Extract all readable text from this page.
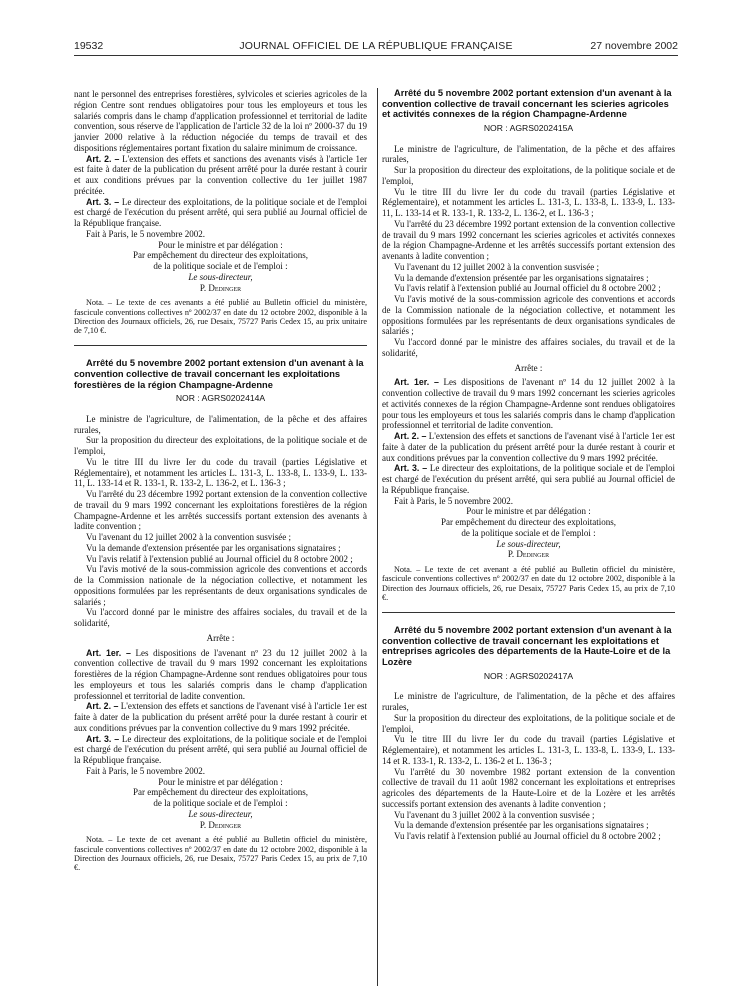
19532	JOURNAL OFFICIEL DE LA RÉPUBLIQUE FRANÇAISE	27 novembre 2002

nant le personnel des entreprises forestières, sylvicoles et scieries agricoles de la région Centre sont rendues obligatoires pour tous les employeurs et tous les salariés compris dans le champ d'application professionnel et territorial de ladite convention, sous réserve de l'application de l'article 32 de la loi nº 2000-37 du 19 janvier 2000 relative à la réduction négociée du temps de travail et des dispositions réglementaires portant fixation du salaire minimum de croissance.

Art. 2. – L'extension des effets et sanctions des avenants visés à l'article 1er est faite à dater de la publication du présent arrêté pour la durée restant à courir et aux conditions prévues par la convention collective du 1er juillet 1987 précitée.

Art. 3. – Le directeur des exploitations, de la politique sociale et de l'emploi est chargé de l'exécution du présent arrêté, qui sera publié au Journal officiel de la République française.

Fait à Paris, le 5 novembre 2002.

Pour le ministre et par délégation :
Par empêchement du directeur des exploitations,
de la politique sociale et de l'emploi :
Le sous-directeur,
P. Dedinger

Nota. – Le texte de ces avenants a été publié au Bulletin officiel du ministère, fascicule conventions collectives nº 2002/37 en date du 12 octobre 2002, disponible à la Direction des Journaux officiels, 26, rue Desaix, 75727 Paris Cedex 15, au prix unitaire de 7,10 €.

Arrêté du 5 novembre 2002 portant extension d'un avenant à la convention collective de travail concernant les exploitations forestières de la région Champagne-Ardenne

NOR : AGRS0202414A

Le ministre de l'agriculture, de l'alimentation, de la pêche et des affaires rurales,

Sur la proposition du directeur des exploitations, de la politique sociale et de l'emploi,

Vu le titre III du livre Ier du code du travail (parties Législative et Réglementaire), et notamment les articles L. 131-3, L. 133-8, L. 133-9, L. 133-11, L. 133-14 et R. 133-1, R. 133-2, L. 136-2, et L. 136-3 ;

Vu l'arrêté du 23 décembre 1992 portant extension de la convention collective de travail du 9 mars 1992 concernant les exploitations forestières de la région Champagne-Ardenne et les arrêtés successifs portant extension des avenants à ladite convention ;

Vu l'avenant du 12 juillet 2002 à la convention susvisée ;

Vu la demande d'extension présentée par les organisations signataires ;

Vu l'avis relatif à l'extension publié au Journal officiel du 8 octobre 2002 ;

Vu l'avis motivé de la sous-commission agricole des conventions et accords de la Commission nationale de la négociation collective, et notamment les oppositions formulées par les représentants de deux organisations syndicales de salariés ;

Vu l'accord donné par le ministre des affaires sociales, du travail et de la solidarité,

Arrête :

Art. 1er. – Les dispositions de l'avenant nº 23 du 12 juillet 2002 à la convention collective de travail du 9 mars 1992 concernant les exploitations forestières de la région Champagne-Ardenne sont rendues obligatoires pour tous les employeurs et tous les salariés compris dans le champ d'application professionnel et territorial de ladite convention.

Art. 2. – L'extension des effets et sanctions de l'avenant visé à l'article 1er est faite à dater de la publication du présent arrêté pour la durée restant à courir et aux conditions prévues par la convention collective du 9 mars 1992 précitée.

Art. 3. – Le directeur des exploitations, de la politique sociale et de l'emploi est chargé de l'exécution du présent arrêté, qui sera publié au Journal officiel de la République française.

Fait à Paris, le 5 novembre 2002.

Pour le ministre et par délégation :
Par empêchement du directeur des exploitations,
de la politique sociale et de l'emploi :
Le sous-directeur,
P. Dedinger

Nota. – Le texte de cet avenant a été publié au Bulletin officiel du ministère, fascicule conventions collectives nº 2002/37 en date du 12 octobre 2002, disponible à la Direction des Journaux officiels, 26, rue Desaix, 75727 Paris Cedex 15, au prix de 7,10 €.

Arrêté du 5 novembre 2002 portant extension d'un avenant à la convention collective de travail concernant les scieries agricoles et activités connexes de la région Champagne-Ardenne

NOR : AGRS0202415A

Le ministre de l'agriculture, de l'alimentation, de la pêche et des affaires rurales,

Sur la proposition du directeur des exploitations, de la politique sociale et de l'emploi,

Vu le titre III du livre Ier du code du travail (parties Législative et Réglementaire), et notamment les articles L. 131-3, L. 133-8, L. 133-9, L. 133-11, L. 133-14 et R. 133-1, R. 133-2, L. 136-2, et L. 136-3 ;

Vu l'arrêté du 23 décembre 1992 portant extension de la convention collective de travail du 9 mars 1992 concernant les scieries agricoles et activités connexes de la région Champagne-Ardenne et les arrêtés successifs portant extension des avenants à ladite convention ;

Vu l'avenant du 12 juillet 2002 à la convention susvisée ;

Vu la demande d'extension présentée par les organisations signataires ;

Vu l'avis relatif à l'extension publié au Journal officiel du 8 octobre 2002 ;

Vu l'avis motivé de la sous-commission agricole des conventions et accords de la Commission nationale de la négociation collective, et notamment les oppositions formulées par les représentants de deux organisations syndicales de salariés ;

Vu l'accord donné par le ministre des affaires sociales, du travail et de la solidarité,

Arrête :

Art. 1er. – Les dispositions de l'avenant nº 14 du 12 juillet 2002 à la convention collective de travail du 9 mars 1992 concernant les scieries agricoles et activités connexes de la région Champagne-Ardenne sont rendues obligatoires pour tous les employeurs et tous les salariés compris dans le champ d'application professionnel et territorial de ladite convention.

Art. 2. – L'extension des effets et sanctions de l'avenant visé à l'article 1er est faite à dater de la publication du présent arrêté pour la durée restant à courir et aux conditions prévues par la convention collective du 9 mars 1992 précitée.

Art. 3. – Le directeur des exploitations, de la politique sociale et de l'emploi est chargé de l'exécution du présent arrêté, qui sera publié au Journal officiel de la République française.

Fait à Paris, le 5 novembre 2002.

Pour le ministre et par délégation :
Par empêchement du directeur des exploitations,
de la politique sociale et de l'emploi :
Le sous-directeur,
P. Dedinger

Nota. – Le texte de cet avenant a été publié au Bulletin officiel du ministère, fascicule conventions collectives nº 2002/37 en date du 12 octobre 2002, disponible à la Direction des Journaux officiels, 26, rue Desaix, 75727 Paris Cedex 15, au prix de 7,10 €.

Arrêté du 5 novembre 2002 portant extension d'un avenant à la convention collective de travail concernant les exploitations et entreprises agricoles des départements de la Haute-Loire et de la Lozère

NOR : AGRS0202417A

Le ministre de l'agriculture, de l'alimentation, de la pêche et des affaires rurales,

Sur la proposition du directeur des exploitations, de la politique sociale et de l'emploi,

Vu le titre III du livre Ier du code du travail (parties Législative et Réglementaire), et notamment les articles L. 131-3, L. 133-8, L. 133-9, L. 133-14 et R. 133-1, R. 133-2, L. 136-2 et L. 136-3 ;

Vu l'arrêté du 30 novembre 1982 portant extension de la convention collective de travail du 11 août 1982 concernant les exploitations et entreprises agricoles des départements de la Haute-Loire et de la Lozère et les arrêtés successifs portant extension des avenants à ladite convention ;

Vu l'avenant du 3 juillet 2002 à la convention susvisée ;

Vu la demande d'extension présentée par les organisations signataires ;

Vu l'avis relatif à l'extension publié au Journal officiel du 8 octobre 2002 ;
